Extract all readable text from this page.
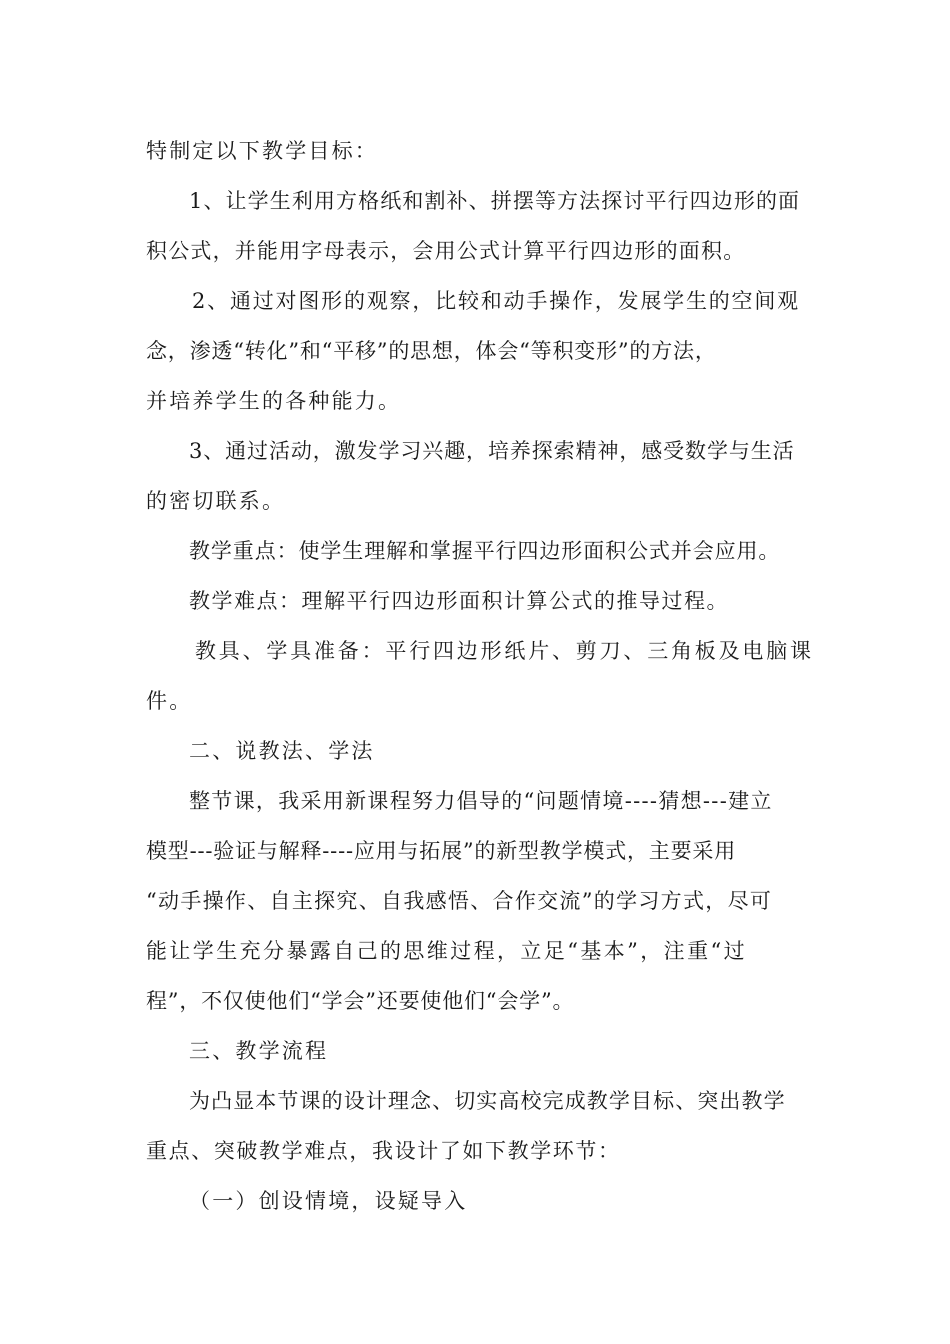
特制定以下教学目标：
1、让学生利用方格纸和割补、拼摆等方法探讨平行四边形的面
积公式，并能用字母表示，会用公式计算平行四边形的面积。
2、通过对图形的观察，比较和动手操作，发展学生的空间观
念，渗透“转化”和“平移”的思想，体会“等积变形”的方法，
并培养学生的各种能力。
3、通过活动，激发学习兴趣，培养探索精神，感受数学与生活
的密切联系。
教学重点：使学生理解和掌握平行四边形面积公式并会应用。
教学难点：理解平行四边形面积计算公式的推导过程。
教具、学具准备：平行四边形纸片、剪刀、三角板及电脑课
件。
二、说教法、学法
整节课，我采用新课程努力倡导的“问题情境----猜想---建立
模型---验证与解释----应用与拓展”的新型教学模式，主要采用
“动手操作、自主探究、自我感悟、合作交流”的学习方式，尽可
能让学生充分暴露自己的思维过程，立足“基本”，注重“过
程”，不仅使他们“学会”还要使他们“会学”。
三、教学流程
为凸显本节课的设计理念、切实高校完成教学目标、突出教学
重点、突破教学难点，我设计了如下教学环节：
（一）创设情境，设疑导入
